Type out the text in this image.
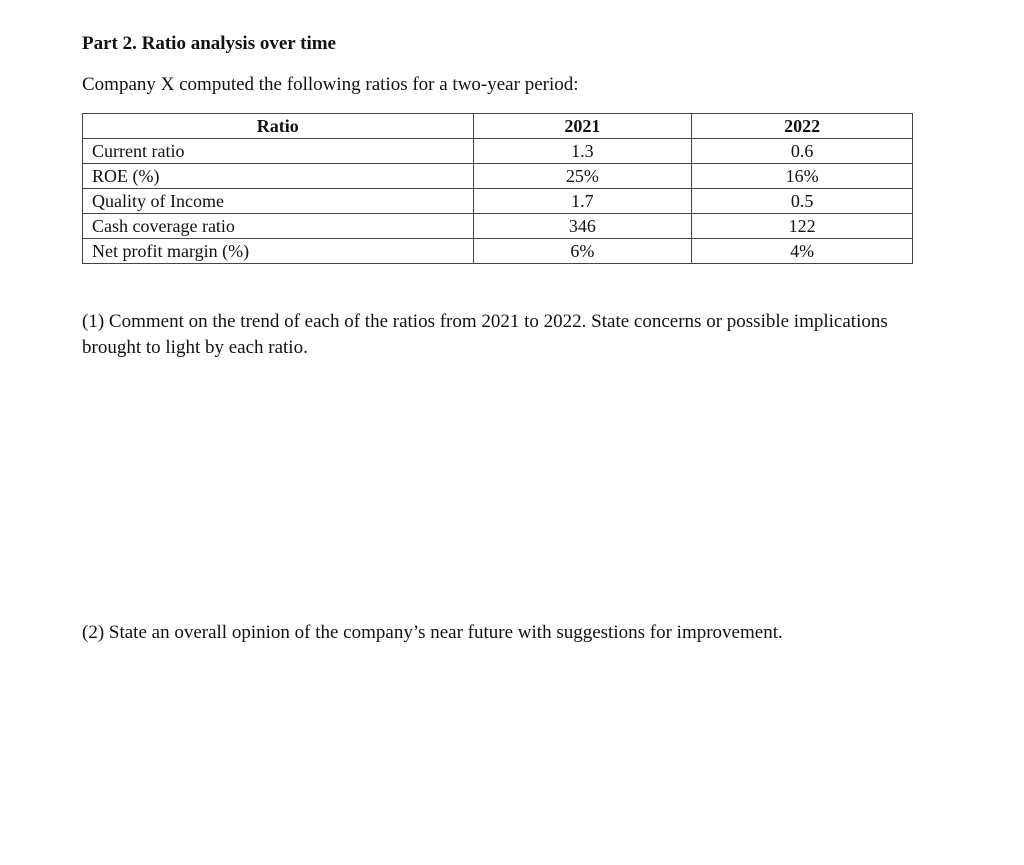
Part 2. Ratio analysis over time

Company X computed the following ratios for a two-year period:

Ratio	2021	2022
Current ratio	1.3	0.6
ROE (%)	25%	16%
Quality of Income	1.7	0.5
Cash coverage ratio	346	122
Net profit margin (%)	6%	4%

(1) Comment on the trend of each of the ratios from 2021 to 2022. State concerns or possible implications brought to light by each ratio.

(2) State an overall opinion of the company’s near future with suggestions for improvement.
